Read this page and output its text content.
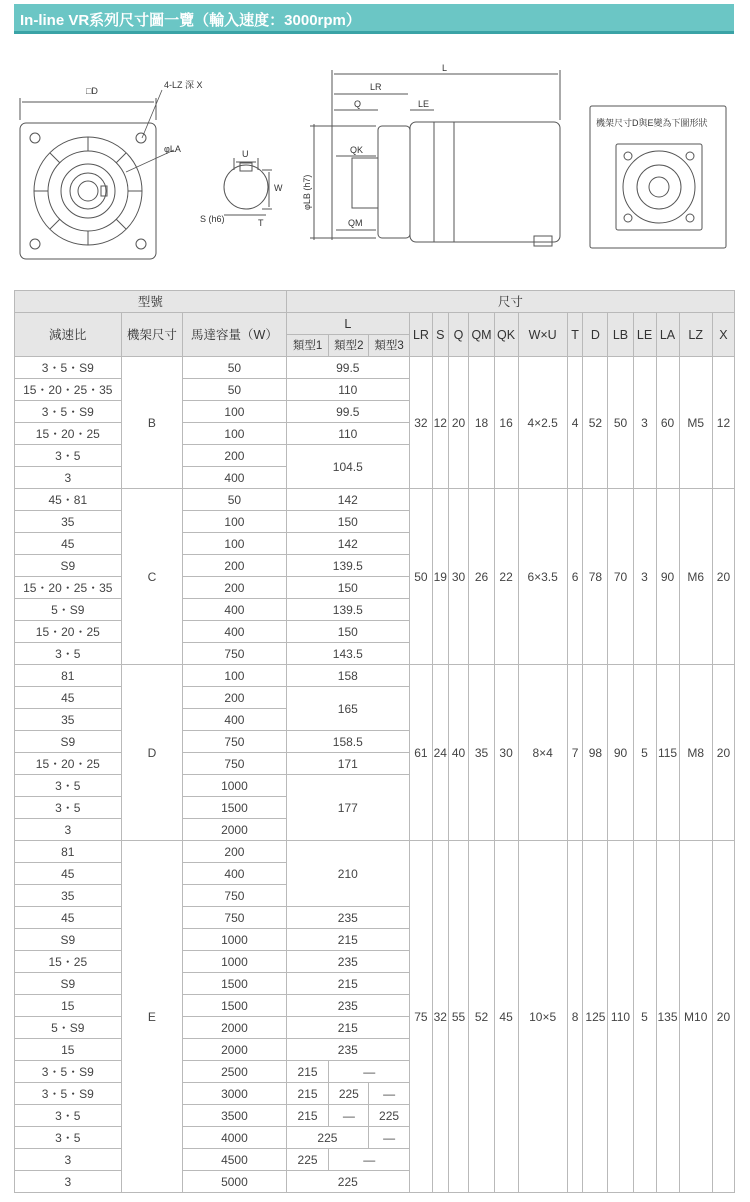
In-line VR系列尺寸圖一覽（輸入速度：3000rpm）
□D
4-LZ 深 X
φLA	U
W
T
S (h6)
L
LR
Q	LE
QK
QM
φLB (h7)
機架尺寸D與E變為下圖形狀
型號			尺寸															
減速比	機架尺寸	馬達容量（W）	L			LR	S	Q	QM	QK	W×U	T	D	LB	LE	LA	LZ	X
			類型1	類型2	類型3													
3・5・S9	B	50	99.5			32	12	20	18	16	4×2.5	4	52	50	3	60	M5	12
15・20・25・35		50	110															
3・5・S9		100	99.5															
15・20・25		100	110															
3・5		200	104.5															
3		400																
45・81	C	50	142			50	19	30	26	22	6×3.5	6	78	70	3	90	M6	20
35		100	150															
45		100	142															
S9		200	139.5															
15・20・25・35		200	150															
5・S9		400	139.5															
15・20・25		400	150															
3・5		750	143.5															
81	D	100	158			61	24	40	35	30	8×4	7	98	90	5	115	M8	20
45		200	165															
35		400																
S9		750	158.5															
15・20・25		750	171															
3・5		1000	177															
3・5		1500																
3		2000																
81	E	200	210			75	32	55	52	45	10×5	8	125	110	5	135	M10	20
45		400																
35		750																
45		750	235															
S9		1000	215															
15・25		1000	235															
S9		1500	215															
15		1500	235															
5・S9		2000	215															
15		2000	235															
3・5・S9		2500	215	—														
3・5・S9		3000	215	225	—													
3・5		3500	215	—	225													
3・5		4000	225		—													
3		4500	225	—														
3		5000	225															
